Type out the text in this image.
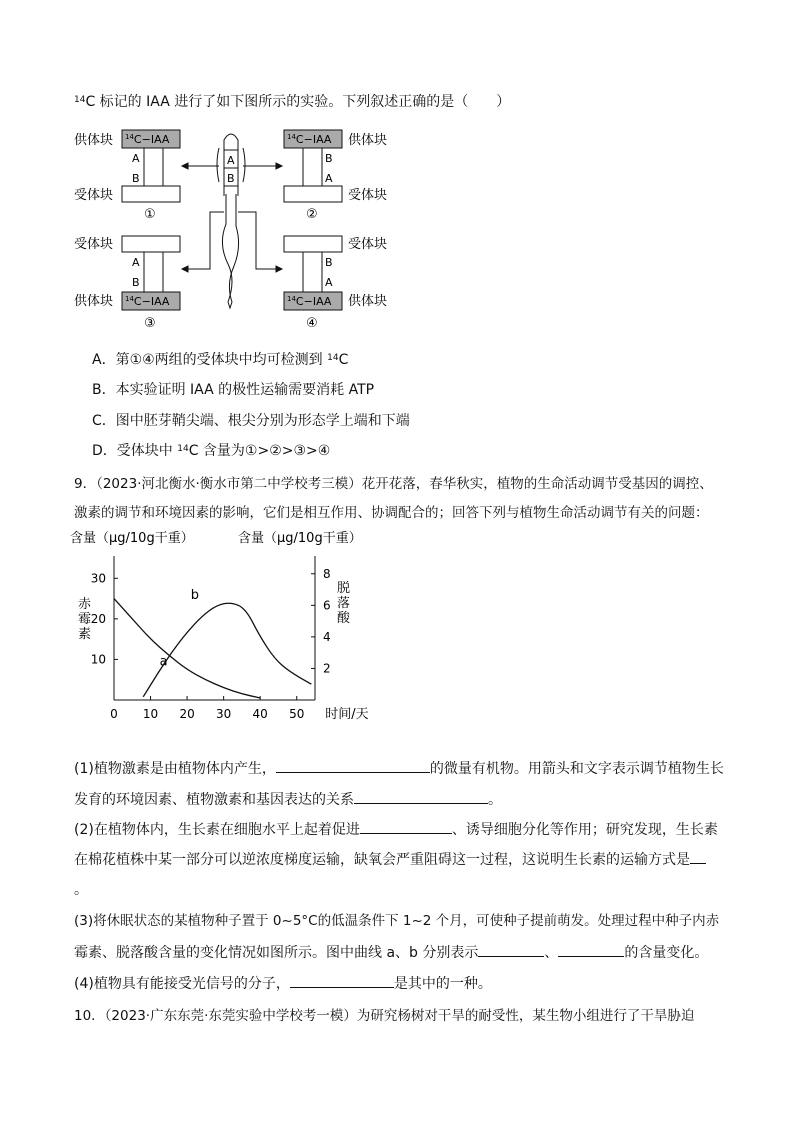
$^{14}$C 标记的 IAA 进行了如下图所示的实验。下列叙述正确的是（　　）
供体块 $^{14}$C−IAA
A
B
受体块
①
$^{14}$C−IAA 供体块
B
A
受体块
②
受体块
A
B
$^{14}$C−IAA
供体块
③
受体块
B
A
$^{14}$C−IAA 供体块
④
A
B
A．第①④两组的受体块中均可检测到 $^{14}$C
B．本实验证明 IAA 的极性运输需要消耗 ATP
C．图中胚芽鞘尖端、根尖分别为形态学上端和下端
D．受体块中 $^{14}$C 含量为①>②>③>④
9．（2023·河北衡水·衡水市第二中学校考三模）花开花落，春华秋实，植物的生命活动调节受基因的调控、
激素的调节和环境因素的影响，它们是相互作用、协调配合的；回答下列与植物生命活动调节有关的问题：
含量（μg/10g干重）	含量（μg/10g干重）
0 10 20 30 40 50 时间/天
10
20
30
2
4
6
8
赤
霉
素
脱
落
酸
a
b
(1)植物激素是由植物体内产生，	的微量有机物。用箭头和文字表示调节植物生长
发育的环境因素、植物激素和基因表达的关系	。
(2)在植物体内，生长素在细胞水平上起着促进	、诱导细胞分化等作用；研究发现，生长素
在棉花植株中某一部分可以逆浓度梯度运输，缺氧会严重阻碍这一过程，这说明生长素的运输方式是
。
(3)将休眠状态的某植物种子置于 0~5°C的低温条件下 1~2 个月，可使种子提前萌发。处理过程中种子内赤
霉素、脱落酸含量的变化情况如图所示。图中曲线 a、b 分别表示	、	的含量变化。
(4)植物具有能接受光信号的分子，	是其中的一种。
10．（2023·广东东莞·东莞实验中学校考一模）为研究杨树对干旱的耐受性，某生物小组进行了干旱胁迫
